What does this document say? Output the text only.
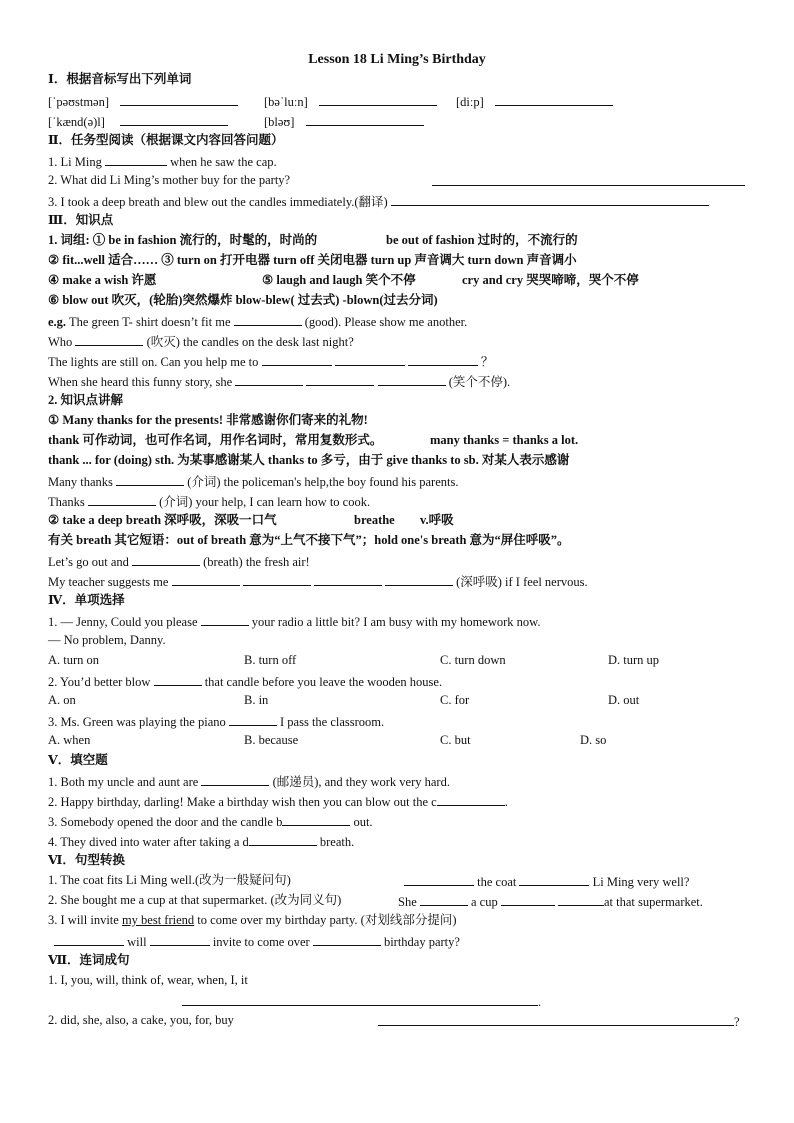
Lesson 18 Li Ming’s Birthday
Ⅰ．根据音标写出下列单词
[ˈpəʊstmən]	[bəˈluːn]	[diːp]
[ˈkænd(ə)l]	[bləʊ]
Ⅱ．任务型阅读（根据课文内容回答问题）
1. Li Ming	when he saw the cap.
2. What did Li Ming’s mother buy for the party?
3. I took a deep breath and blew out the candles immediately.(翻译)
Ⅲ．知识点
1. 词组: ① be in fashion 流行的，时髦的，时尚的	be out of fashion 过时的，不流行的
② fit...well 适合…… ③ turn on 打开电器 turn off 关闭电器 turn up 声音调大 turn down 声音调小
④ make a wish 许愿	⑤ laugh and laugh 笑个不停	cry and cry 哭哭啼啼，哭个不停
⑥ blow out 吹灭，(轮胎)突然爆炸 blow-blew( 过去式) -blown(过去分词)
e.g. The green T- shirt doesn’t fit me	(good). Please show me another.
Who	(吹灭) the candles on the desk last night?
The lights are still on. Can you help me to	？
When she heard this funny story, she	(笑个不停).
2. 知识点讲解
① Many thanks for the presents! 非常感谢你们寄来的礼物!
thank 可作动词，也可作名词，用作名词时，常用复数形式。	many thanks = thanks a lot.
thank ... for (doing) sth. 为某事感谢某人 thanks to 多亏，由于 give thanks to sb. 对某人表示感谢
Many thanks	(介词) the policeman's help,the boy found his parents.
Thanks	(介词) your help, I can learn how to cook.
② take a deep breath 深呼吸，深吸一口气	breathe v.呼吸
有关 breath 其它短语：out of breath 意为“上气不接下气”；hold one's breath 意为“屏住呼吸”。
Let’s go out and	(breath) the fresh air!
My teacher suggests me	(深呼吸) if I feel nervous.
Ⅳ．单项选择
1. — Jenny, Could you please	your radio a little bit? I am busy with my homework now.
— No problem, Danny.
A. turn on	B. turn off	C. turn down	D. turn up
2. You’d better blow	that candle before you leave the wooden house.
A. on	B. in	C. for	D. out
3. Ms. Green was playing the piano	I pass the classroom.
A. when	B. because	C. but	D. so
Ⅴ．填空题
1. Both my uncle and aunt are	(邮递员), and they work very hard.
2. Happy birthday, darling! Make a birthday wish then you can blow out the c	.
3. Somebody opened the door and the candle b	out.
4. They dived into water after taking a d	breath.
Ⅵ．句型转换
1. The coat fits Li Ming well.(改为一般疑问句)	the coat	Li Ming very well?
2. She bought me a cup at that supermarket. (改为同义句)	She	a cup	at that supermarket.
3. I will invite my best friend to come over my birthday party. (对划线部分提问)
will	invite to come over	birthday party?
Ⅶ．连词成句
1. I, you, will, think of, wear, when, I, it
.
2. did, she, also, a cake, you, for, buy	?
